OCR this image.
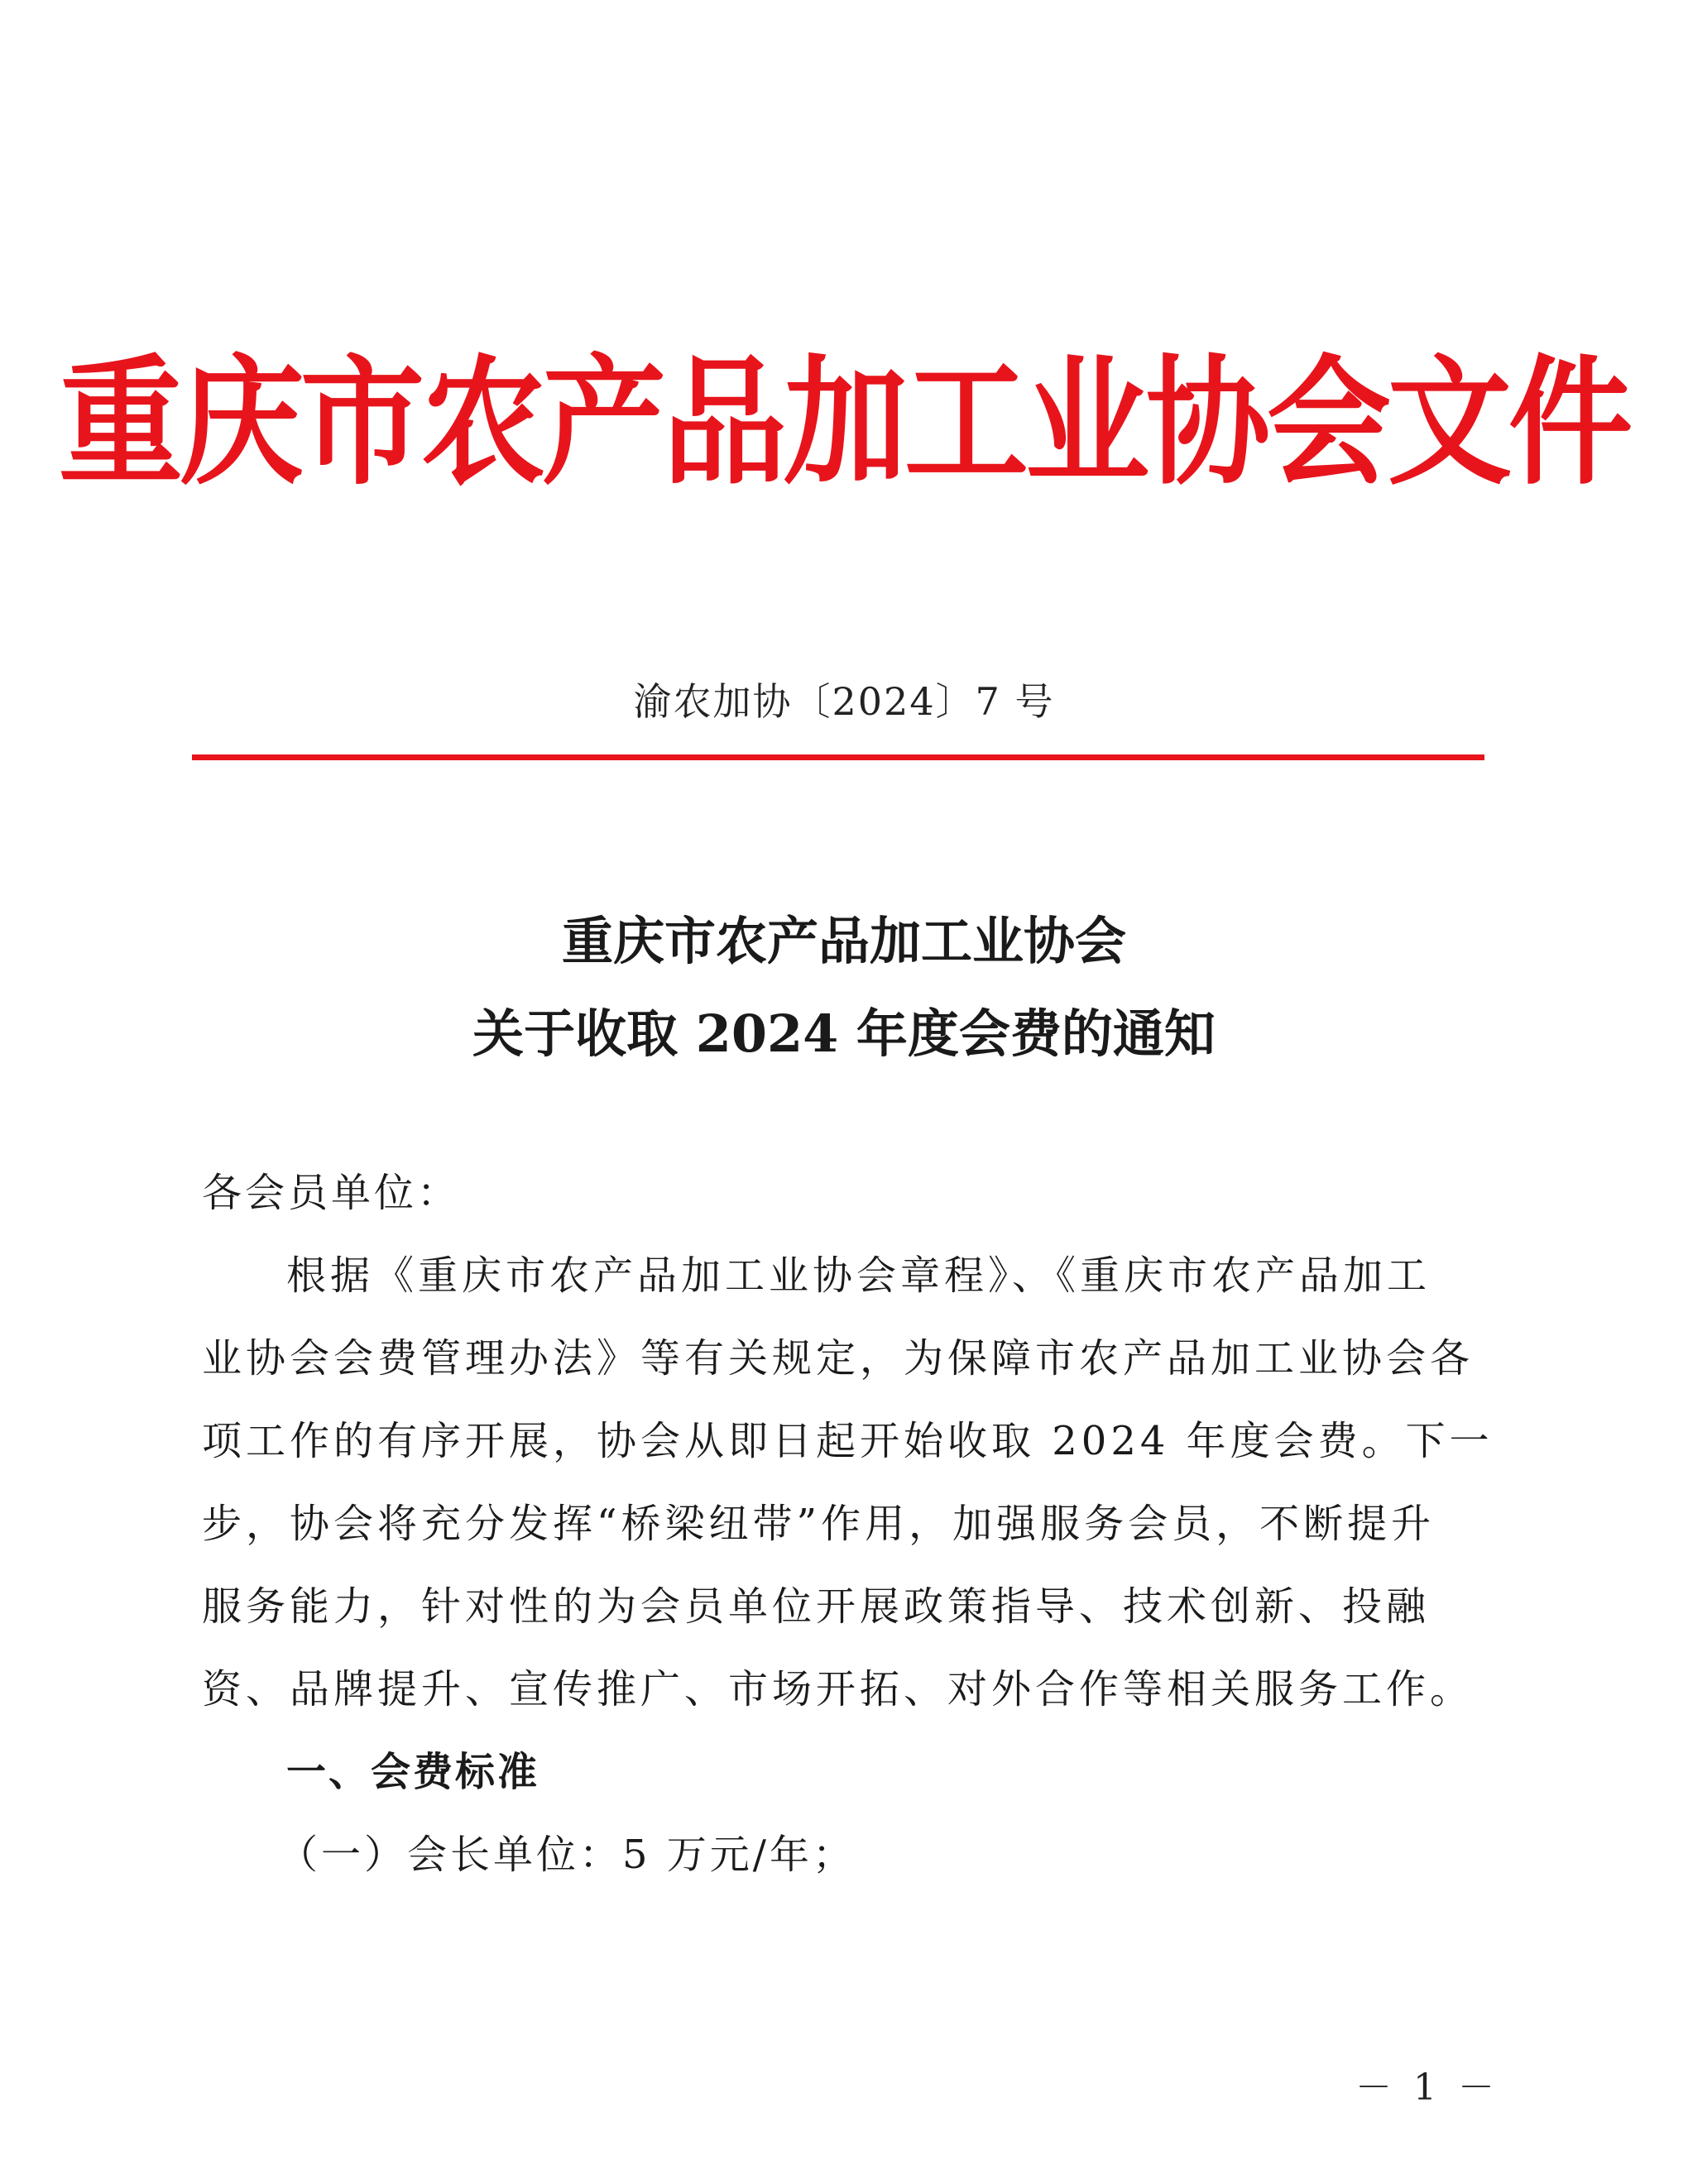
重庆市农产品加工业协会文件
渝农加协〔2024〕7 号
重庆市农产品加工业协会
关于收取 2024 年度会费的通知
各会员单位：
根据《重庆市农产品加工业协会章程》、《重庆市农产品加工
业协会会费管理办法》等有关规定，为保障市农产品加工业协会各
项工作的有序开展，协会从即日起开始收取 2024 年度会费。下一
步，协会将充分发挥“桥梁纽带”作用，加强服务会员，不断提升
服务能力，针对性的为会员单位开展政策指导、技术创新、投融
资、品牌提升、宣传推广、市场开拓、对外合作等相关服务工作。
一、会费标准
（一）会长单位：5 万元/年；
－ 1 －
